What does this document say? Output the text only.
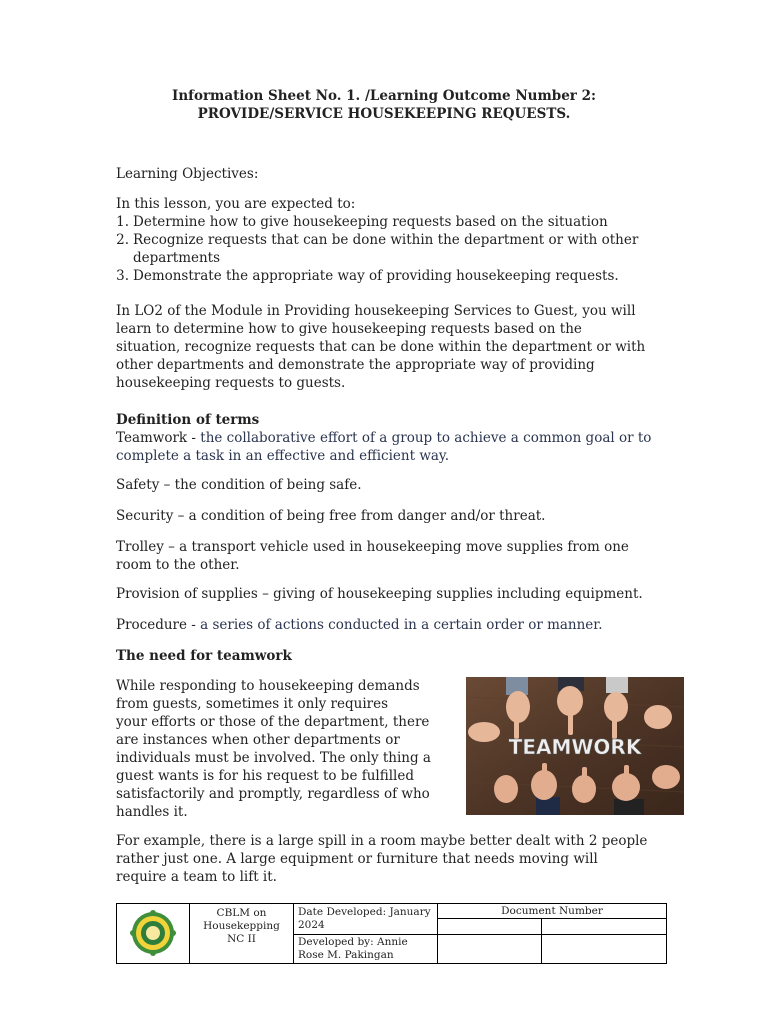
Information Sheet No. 1. /Learning Outcome Number 2:
PROVIDE/SERVICE HOUSEKEEPING REQUESTS.
Learning Objectives:
In this lesson, you are expected to:
1. Determine how to give housekeeping requests based on the situation
2. Recognize requests that can be done within the department or with other
departments
3. Demonstrate the appropriate way of providing housekeeping requests.
In LO2 of the Module in Providing housekeeping Services to Guest, you will
learn to determine how to give housekeeping requests based on the
situation, recognize requests that can be done within the department or with
other departments and demonstrate the appropriate way of providing
housekeeping requests to guests.
Definition of terms
Teamwork - the collaborative effort of a group to achieve a common goal or to
complete a task in an effective and efficient way.
Safety – the condition of being safe.
Security – a condition of being free from danger and/or threat.
Trolley – a transport vehicle used in housekeeping move supplies from one
room to the other.
Provision of supplies – giving of housekeeping supplies including equipment.
Procedure - a series of actions conducted in a certain order or manner.
The need for teamwork
While responding to housekeeping demands
from guests, sometimes it only requires
your efforts or those of the department, there
are instances when other departments or
individuals must be involved. The only thing a
guest wants is for his request to be fulfilled
satisfactorily and promptly, regardless of who
handles it.
TEAMWORK
For example, there is a large spill in a room maybe better dealt with 2 people
rather just one. A large equipment or furniture that needs moving will
require a team to lift it.
CBLM on
Housekepping
NC II
Date Developed: January
2024
Developed by: Annie
Rose M. Pakingan
Document Number
